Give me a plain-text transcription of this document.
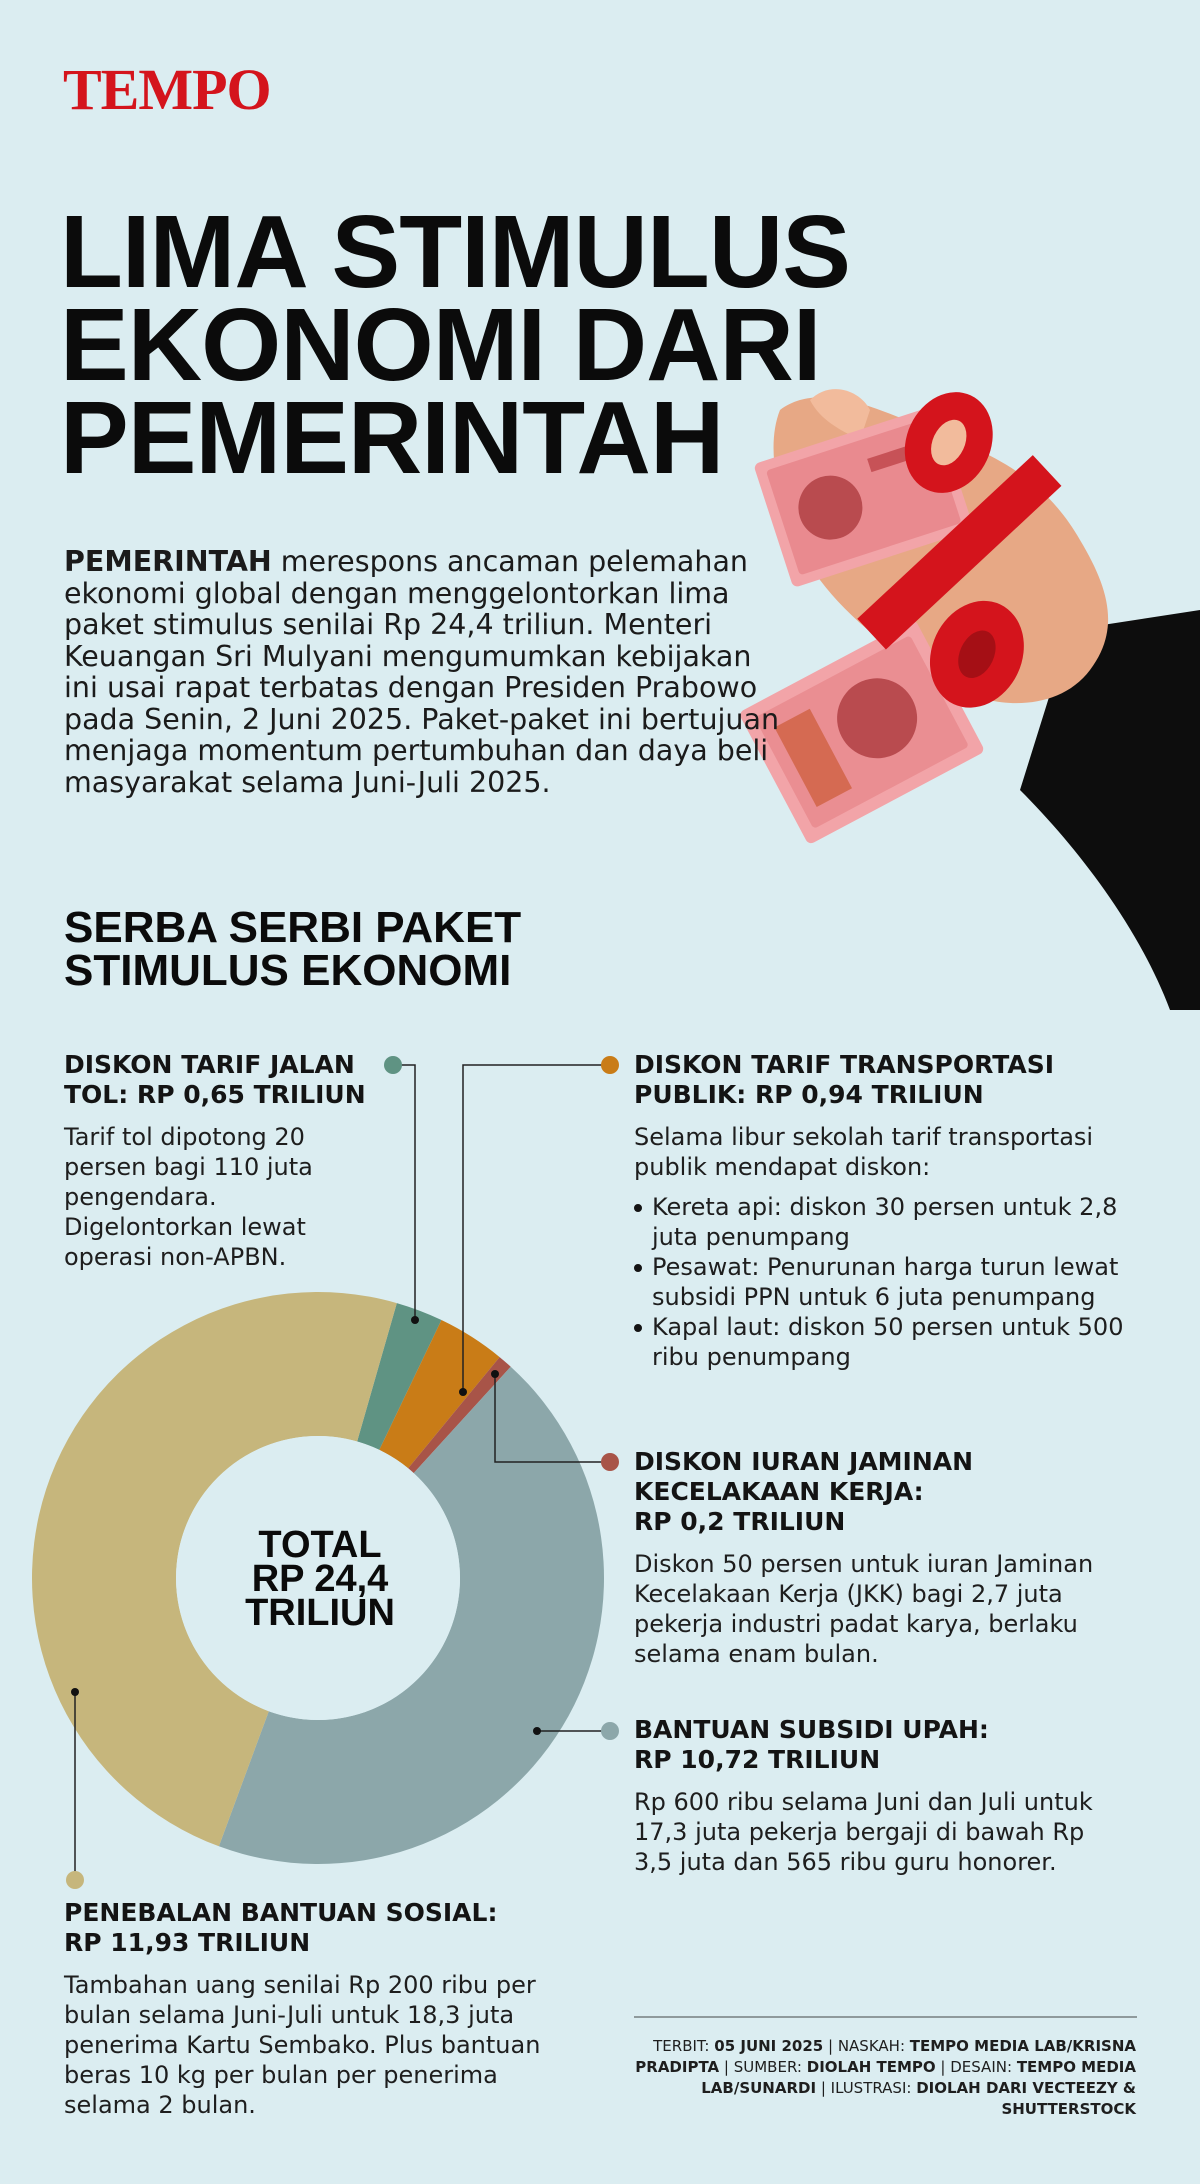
TEMPO
LIMA STIMULUS
EKONOMI DARI
PEMERINTAH
PEMERINTAH merespons ancaman pelemahan ekonomi global dengan menggelontorkan lima paket stimulus senilai Rp 24,4 triliun. Menteri Keuangan Sri Mulyani mengumumkan kebijakan ini usai rapat terbatas dengan Presiden Prabowo pada Senin, 2 Juni 2025. Paket-paket ini bertujuan menjaga momentum pertumbuhan dan daya beli masyarakat selama Juni-Juli 2025.
SERBA SERBI PAKET
STIMULUS EKONOMI
TOTAL
RP 24,4
TRILIUN
DISKON TARIF JALAN
TOL: RP 0,65 TRILIUN
Tarif tol dipotong 20 persen bagi 110 juta pengendara. Digelontorkan lewat operasi non-APBN.
DISKON TARIF TRANSPORTASI
PUBLIK: RP 0,94 TRILIUN
Selama libur sekolah tarif transportasi publik mendapat diskon:
Kereta api: diskon 30 persen untuk 2,8 juta penumpang
Pesawat: Penurunan harga turun lewat subsidi PPN untuk 6 juta penumpang
Kapal laut: diskon 50 persen untuk 500 ribu penumpang
DISKON IURAN JAMINAN
KECELAKAAN KERJA:
RP 0,2 TRILIUN
Diskon 50 persen untuk iuran Jaminan Kecelakaan Kerja (JKK) bagi 2,7 juta pekerja industri padat karya, berlaku selama enam bulan.
BANTUAN SUBSIDI UPAH:
RP 10,72 TRILIUN
Rp 600 ribu selama Juni dan Juli untuk 17,3 juta pekerja bergaji di bawah Rp 3,5 juta dan 565 ribu guru honorer.
PENEBALAN BANTUAN SOSIAL:
RP 11,93 TRILIUN
Tambahan uang senilai Rp 200 ribu per bulan selama Juni-Juli untuk 18,3 juta penerima Kartu Sembako. Plus bantuan beras 10 kg per bulan per penerima selama 2 bulan.
TERBIT: 05 JUNI 2025 | NASKAH: TEMPO MEDIA LAB/KRISNA PRADIPTA | SUMBER: DIOLAH TEMPO | DESAIN: TEMPO MEDIA LAB/SUNARDI | ILUSTRASI: DIOLAH DARI VECTEEZY & SHUTTERSTOCK
